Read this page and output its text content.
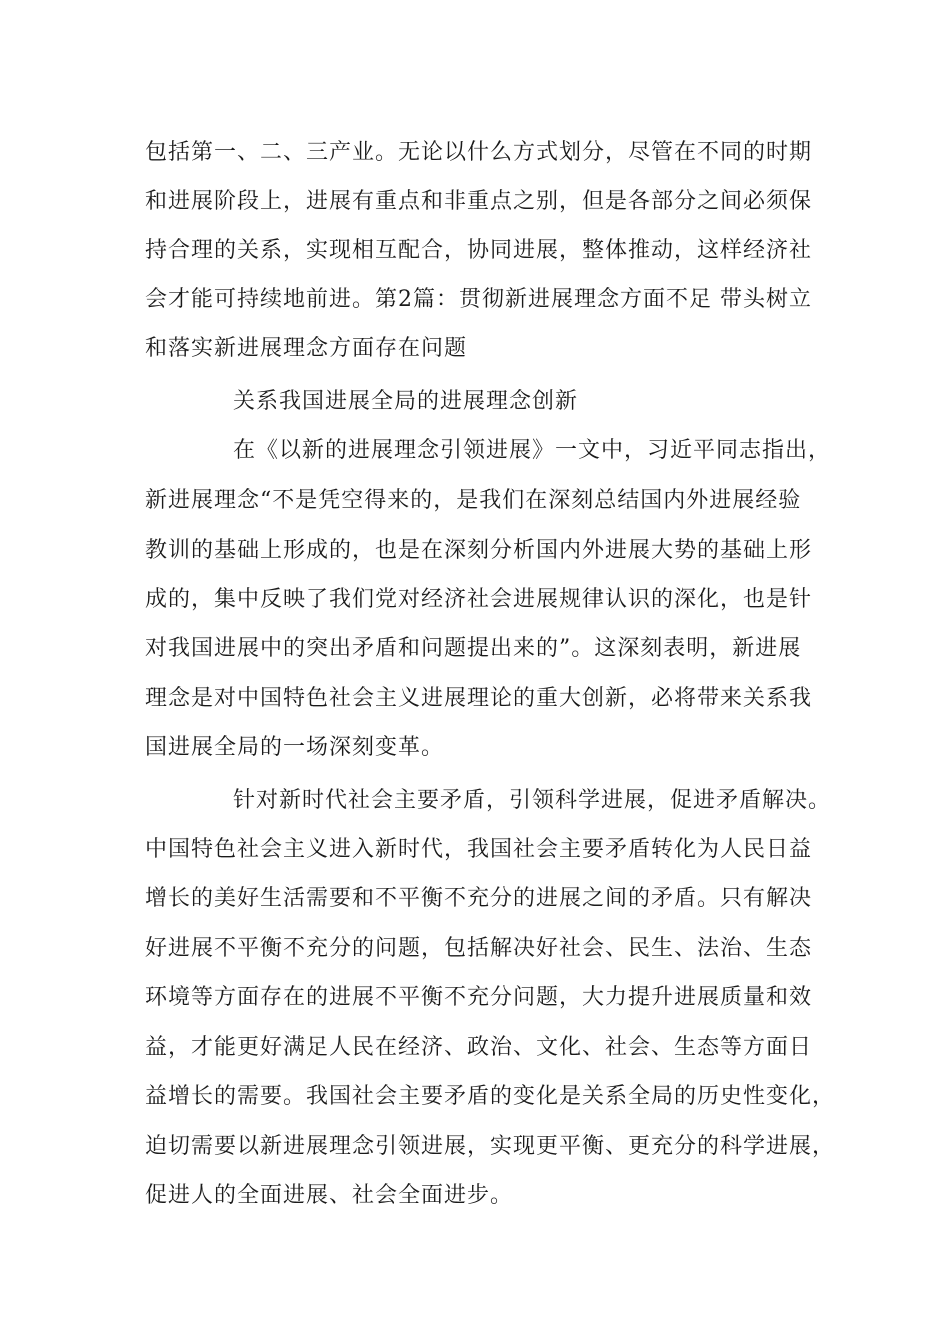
包括第一、二、三产业。无论以什么方式划分，尽管在不同的时期
和进展阶段上，进展有重点和非重点之别，但是各部分之间必须保
持合理的关系，实现相互配合，协同进展，整体推动，这样经济社
会才能可持续地前进。第2篇：贯彻新进展理念方面不足 带头树立
和落实新进展理念方面存在问题
关系我国进展全局的进展理念创新
在《以新的进展理念引领进展》一文中，习近平同志指出，
新进展理念“不是凭空得来的，是我们在深刻总结国内外进展经验
教训的基础上形成的，也是在深刻分析国内外进展大势的基础上形
成的，集中反映了我们党对经济社会进展规律认识的深化，也是针
对我国进展中的突出矛盾和问题提出来的”。这深刻表明，新进展
理念是对中国特色社会主义进展理论的重大创新，必将带来关系我
国进展全局的一场深刻变革。
针对新时代社会主要矛盾，引领科学进展，促进矛盾解决。
中国特色社会主义进入新时代，我国社会主要矛盾转化为人民日益
增长的美好生活需要和不平衡不充分的进展之间的矛盾。只有解决
好进展不平衡不充分的问题，包括解决好社会、民生、法治、生态
环境等方面存在的进展不平衡不充分问题，大力提升进展质量和效
益，才能更好满足人民在经济、政治、文化、社会、生态等方面日
益增长的需要。我国社会主要矛盾的变化是关系全局的历史性变化，
迫切需要以新进展理念引领进展，实现更平衡、更充分的科学进展，
促进人的全面进展、社会全面进步。
